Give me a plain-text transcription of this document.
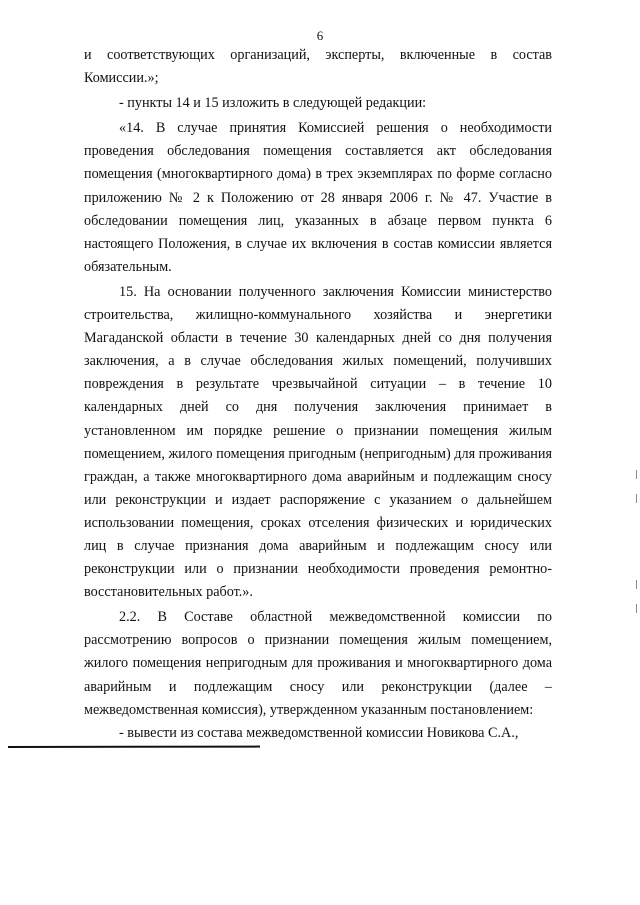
6

и соответствующих организаций, эксперты, включенные в состав Комиссии.»;

- пункты 14 и 15 изложить в следующей редакции:

«14. В случае принятия Комиссией решения о необходимости проведения обследования помещения составляется акт обследования помещения (многоквартирного дома) в трех экземплярах по форме согласно приложению № 2 к Положению от 28 января 2006 г. № 47. Участие в обследовании помещения лиц, указанных в абзаце первом пункта 6 настоящего Положения, в случае их включения в состав комиссии является обязательным.

15. На основании полученного заключения Комиссии министерство строительства, жилищно-коммунального хозяйства и энергетики Магаданской области в течение 30 календарных дней со дня получения заключения, а в случае обследования жилых помещений, получивших повреждения в результате чрезвычайной ситуации – в течение 10 календарных дней со дня получения заключения принимает в установленном им порядке решение о признании помещения жилым помещением, жилого помещения пригодным (непригодным) для проживания граждан, а также многоквартирного дома аварийным и подлежащим сносу или реконструкции и издает распоряжение с указанием о дальнейшем использовании помещения, сроках отселения физических и юридических лиц в случае признания дома аварийным и подлежащим сносу или реконструкции или о признании необходимости проведения ремонтно-восстановительных работ.».

2.2. В Составе областной межведомственной комиссии по рассмотрению вопросов о признании помещения жилым помещением, жилого помещения непригодным для проживания и многоквартирного дома аварийным и подлежащим сносу или реконструкции (далее – межведомственная комиссия), утвержденном указанным постановлением:

- вывести из состава межведомственной комиссии Новикова С.А.,
